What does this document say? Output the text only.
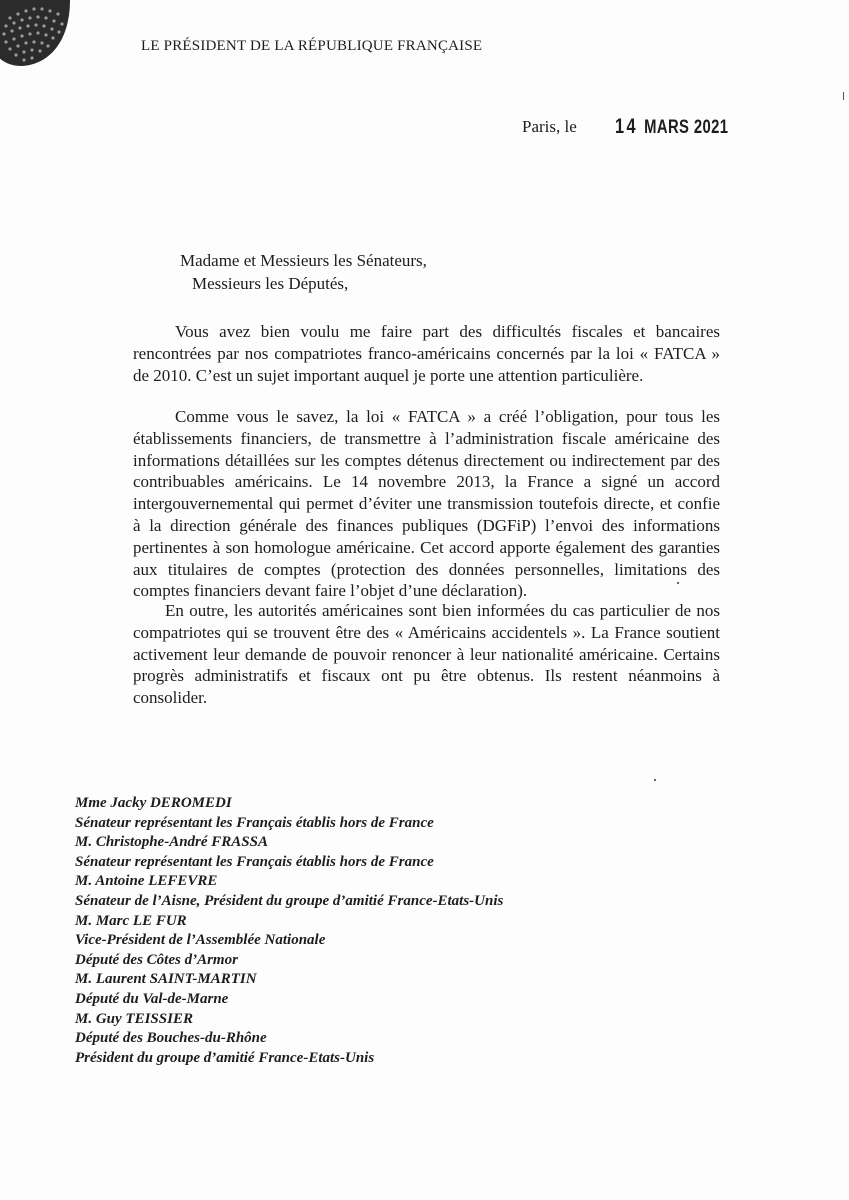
LE PRÉSIDENT DE LA RÉPUBLIQUE FRANÇAISE
Paris, le 14 MARS 2021
Madame et Messieurs les Sénateurs,
Messieurs les Députés,

Vous avez bien voulu me faire part des difficultés fiscales et bancaires rencontrées par nos compatriotes franco-américains concernés par la loi « FATCA » de 2010. C’est un sujet important auquel je porte une attention particulière.

Comme vous le savez, la loi « FATCA » a créé l’obligation, pour tous les établissements financiers, de transmettre à l’administration fiscale américaine des informations détaillées sur les comptes détenus directement ou indirectement par des contribuables américains. Le 14 novembre 2013, la France a signé un accord intergouvernemental qui permet d’éviter une transmission toutefois directe, et confie à la direction générale des finances publiques (DGFiP) l’envoi des informations pertinentes à son homologue américaine. Cet accord apporte également des garanties aux titulaires de comptes (protection des données personnelles, limitations des comptes financiers devant faire l’objet d’une déclaration).

En outre, les autorités américaines sont bien informées du cas particulier de nos compatriotes qui se trouvent être des « Américains accidentels ». La France soutient activement leur demande de pouvoir renoncer à leur nationalité américaine. Certains progrès administratifs et fiscaux ont pu être obtenus. Ils restent néanmoins à consolider.

Mme Jacky DEROMEDI
Sénateur représentant les Français établis hors de France
M. Christophe-André FRASSA
Sénateur représentant les Français établis hors de France
M. Antoine LEFEVRE
Sénateur de l’Aisne, Président du groupe d’amitié France-Etats-Unis
M. Marc LE FUR
Vice-Président de l’Assemblée Nationale
Député des Côtes d’Armor
M. Laurent SAINT-MARTIN
Député du Val-de-Marne
M. Guy TEISSIER
Député des Bouches-du-Rhône
Président du groupe d’amitié France-Etats-Unis
